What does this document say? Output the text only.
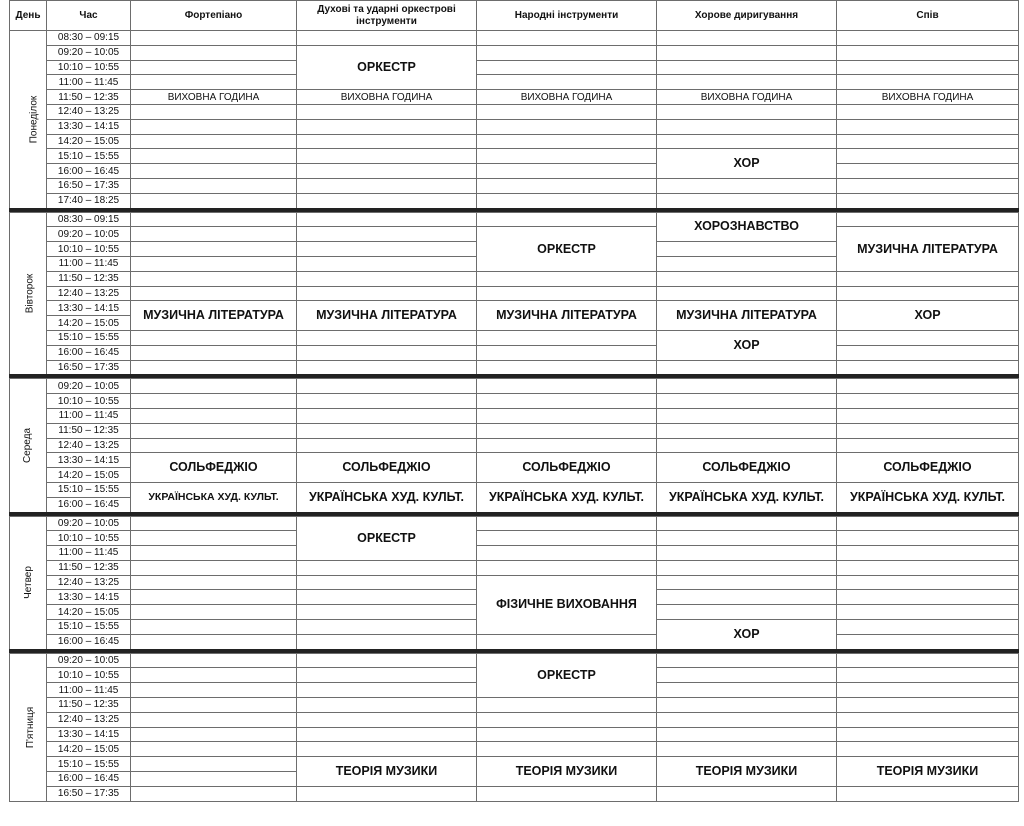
День	Час	Фортепіано	Духові та ударні оркестрові інструменти	Народні інструменти	Хорове диригування	Спів
Понеділок	08:30 – 09:15					
	09:20 – 10:05		ОРКЕСТР			
	10:10 – 10:55					
	11:00 – 11:45					
	11:50 – 12:35	ВИХОВНА ГОДИНА	ВИХОВНА ГОДИНА	ВИХОВНА ГОДИНА	ВИХОВНА ГОДИНА	ВИХОВНА ГОДИНА
	12:40 – 13:25					
	13:30 – 14:15					
	14:20 – 15:05					
	15:10 – 15:55				ХОР	
	16:00 – 16:45					
	16:50 – 17:35					
	17:40 – 18:25					

Вівторок	08:30 – 09:15				ХОРОЗНАВСТВО	
	09:20 – 10:05			ОРКЕСТР		МУЗИЧНА ЛІТЕРАТУРА
	10:10 – 10:55					
	11:00 – 11:45					
	11:50 – 12:35					
	12:40 – 13:25					
	13:30 – 14:15	МУЗИЧНА ЛІТЕРАТУРА	МУЗИЧНА ЛІТЕРАТУРА	МУЗИЧНА ЛІТЕРАТУРА	МУЗИЧНА ЛІТЕРАТУРА	ХОР
	14:20 – 15:05					
	15:10 – 15:55				ХОР	
	16:00 – 16:45					
	16:50 – 17:35					

Середа	09:20 – 10:05					
	10:10 – 10:55					
	11:00 – 11:45					
	11:50 – 12:35					
	12:40 – 13:25					
	13:30 – 14:15	СОЛЬФЕДЖІО	СОЛЬФЕДЖІО	СОЛЬФЕДЖІО	СОЛЬФЕДЖІО	СОЛЬФЕДЖІО
	14:20 – 15:05					
	15:10 – 15:55	УКРАЇНСЬКА ХУД. КУЛЬТ.	УКРАЇНСЬКА ХУД. КУЛЬТ.	УКРАЇНСЬКА ХУД. КУЛЬТ.	УКРАЇНСЬКА ХУД. КУЛЬТ.	УКРАЇНСЬКА ХУД. КУЛЬТ.
	16:00 – 16:45					

Четвер	09:20 – 10:05		ОРКЕСТР			
	10:10 – 10:55					
	11:00 – 11:45					
	11:50 – 12:35					
	12:40 – 13:25			ФІЗИЧНЕ ВИХОВАННЯ		
	13:30 – 14:15					
	14:20 – 15:05					
	15:10 – 15:55				ХОР	
	16:00 – 16:45					

П'ятниця	09:20 – 10:05			ОРКЕСТР		
	10:10 – 10:55					
	11:00 – 11:45					
	11:50 – 12:35					
	12:40 – 13:25					
	13:30 – 14:15					
	14:20 – 15:05					
	15:10 – 15:55		ТЕОРІЯ МУЗИКИ	ТЕОРІЯ МУЗИКИ	ТЕОРІЯ МУЗИКИ	ТЕОРІЯ МУЗИКИ
	16:00 – 16:45					
	16:50 – 17:35					
